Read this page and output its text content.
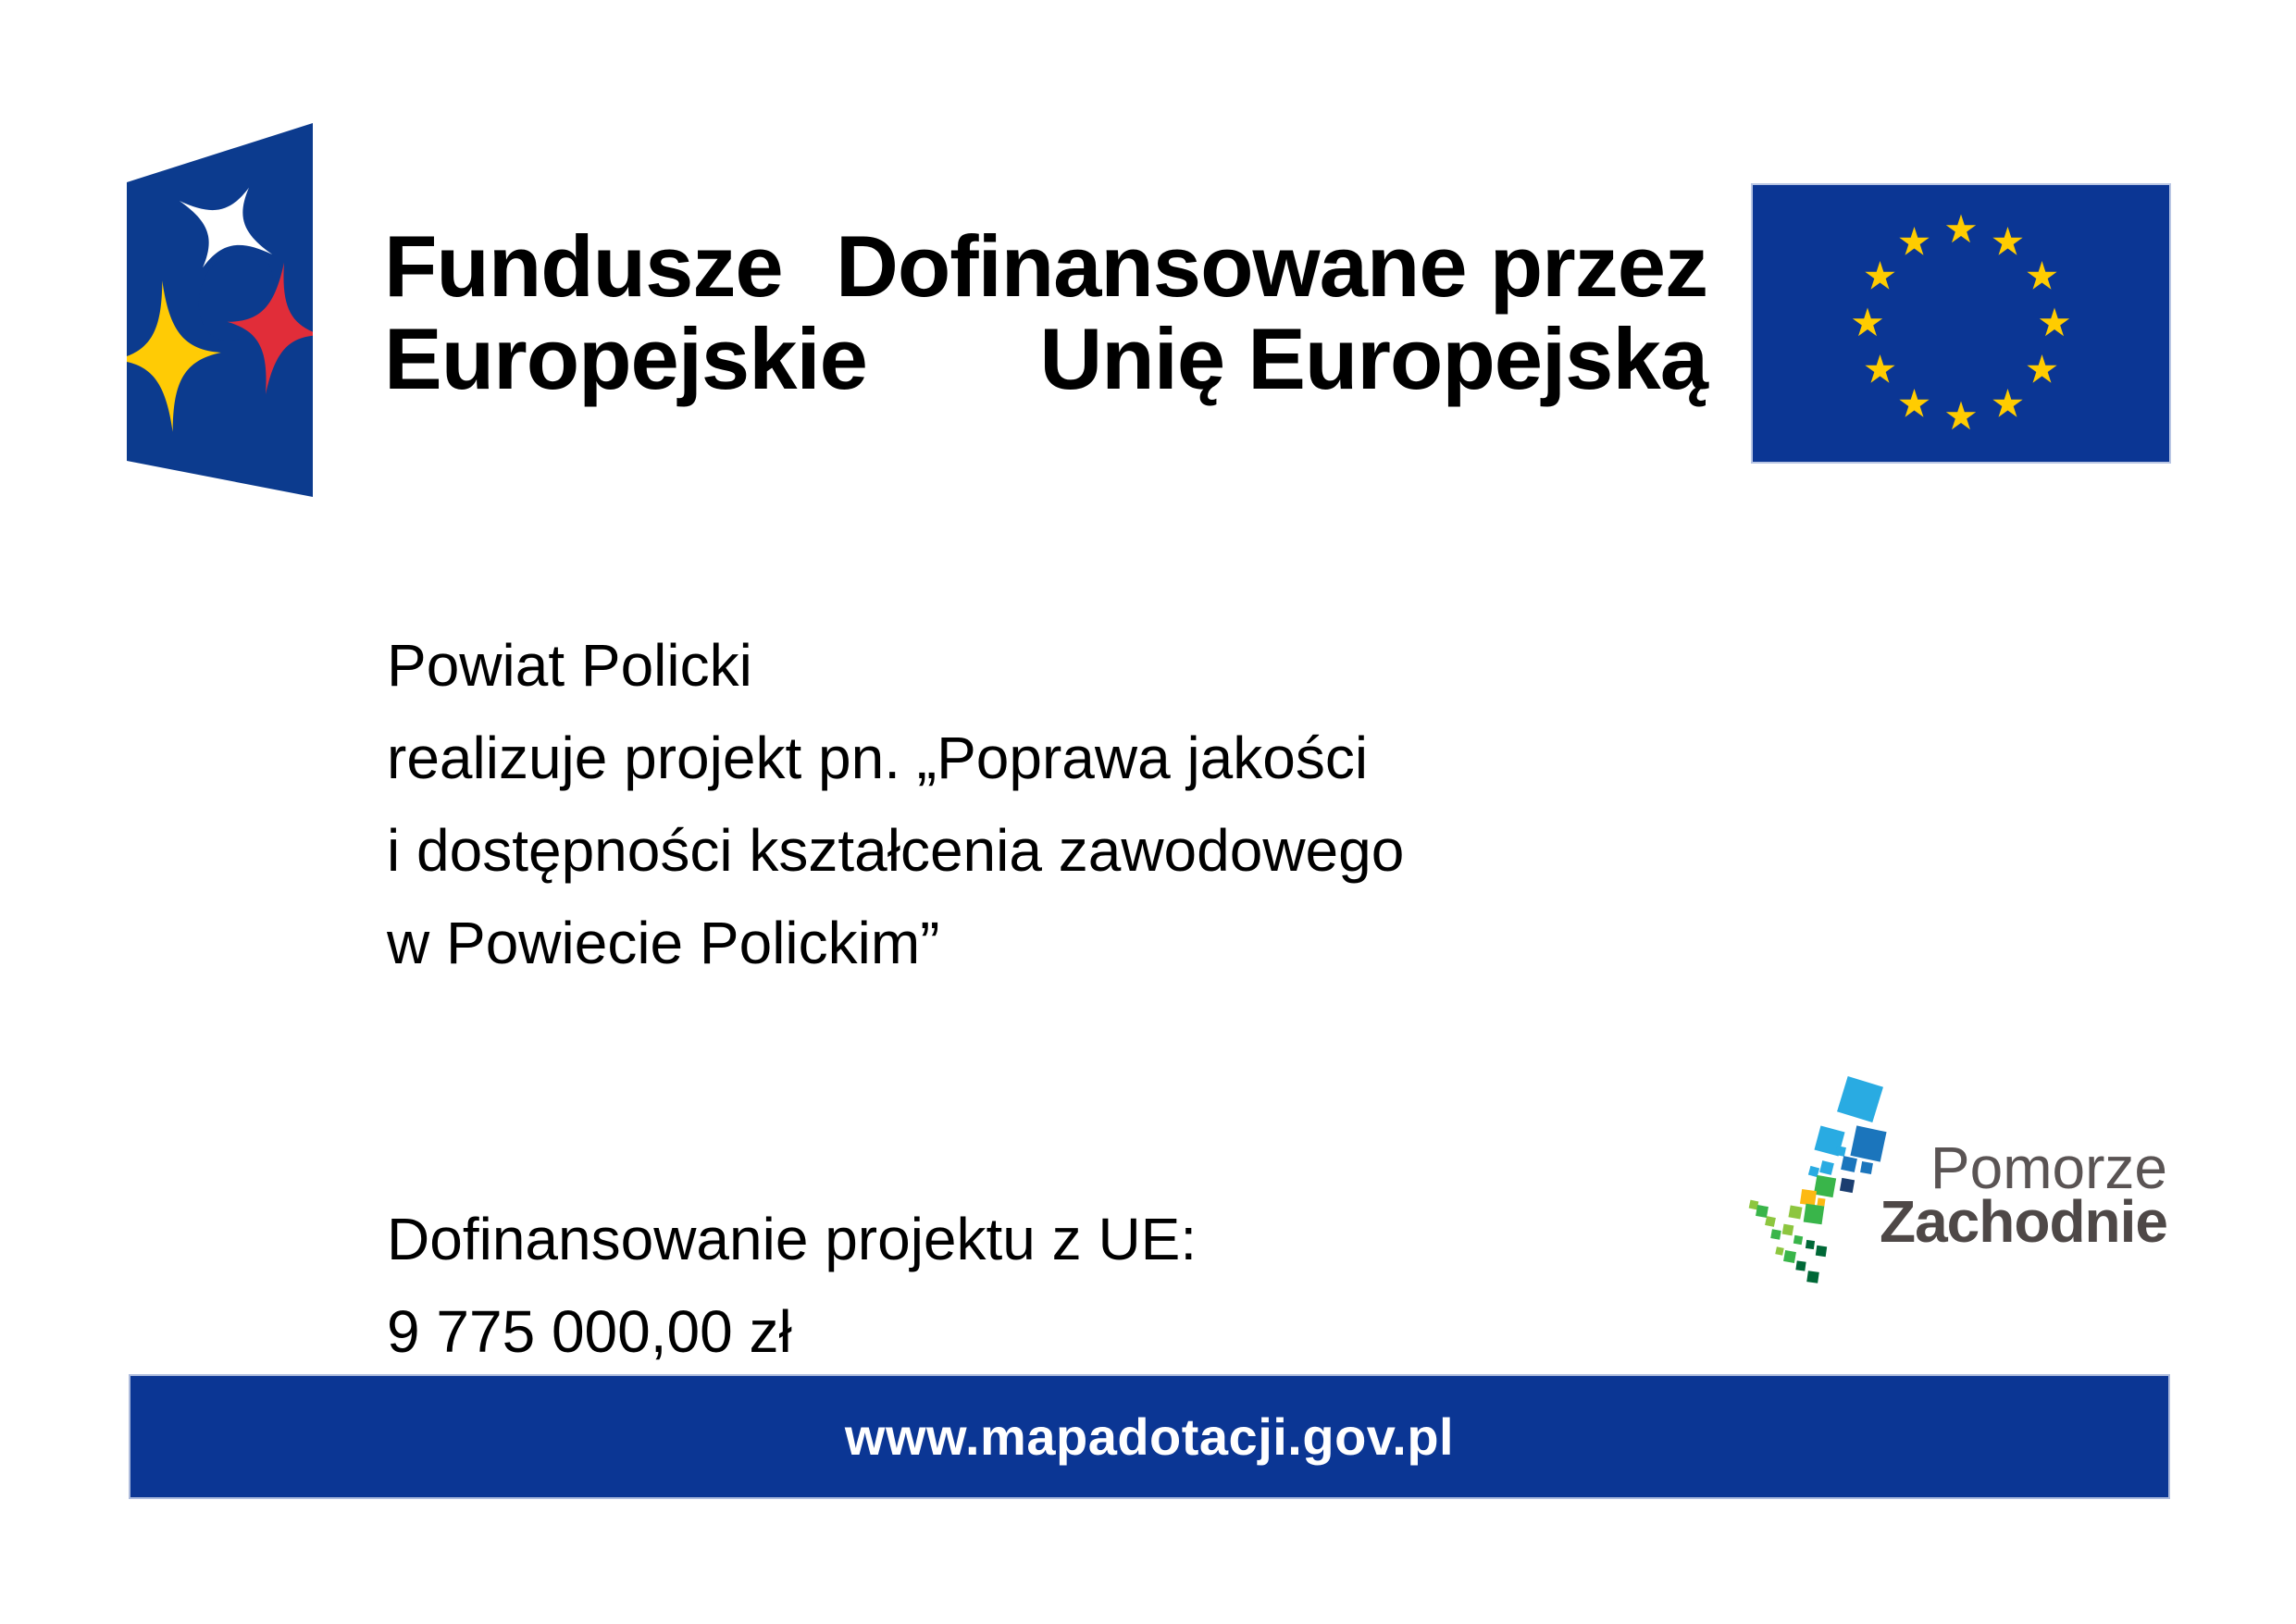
Fundusze
Europejskie
Dofinansowane przez
Unię Europejską
Powiat Policki
realizuje projekt pn. „Poprawa jakości
i dostępności kształcenia zawodowego
w Powiecie Polickim”
Dofinansowanie projektu z UE:
9 775 000,00 zł
Pomorze
Zachodnie
www.mapadotacji.gov.pl
